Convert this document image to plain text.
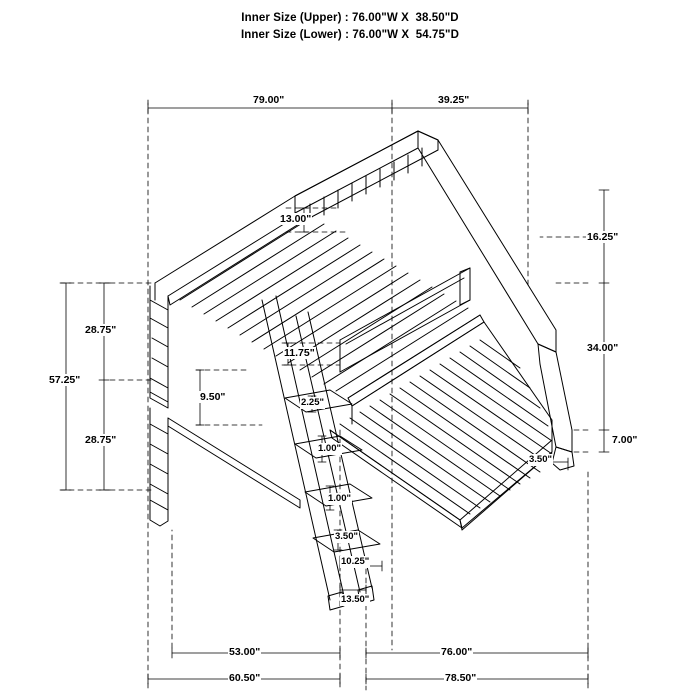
Inner Size (Upper) : 76.00"W X  38.50"D
Inner Size (Lower) : 76.00"W X  54.75"D
79.00"	39.25"
13.00"
16.25"
34.00"
7.00"
28.75"
57.25"
28.75"
9.50"
11.75"
2.25"
1.00"
1.00"
3.50"
10.25"
13.50"
3.50"
53.00"	76.00"
60.50"	78.50"
